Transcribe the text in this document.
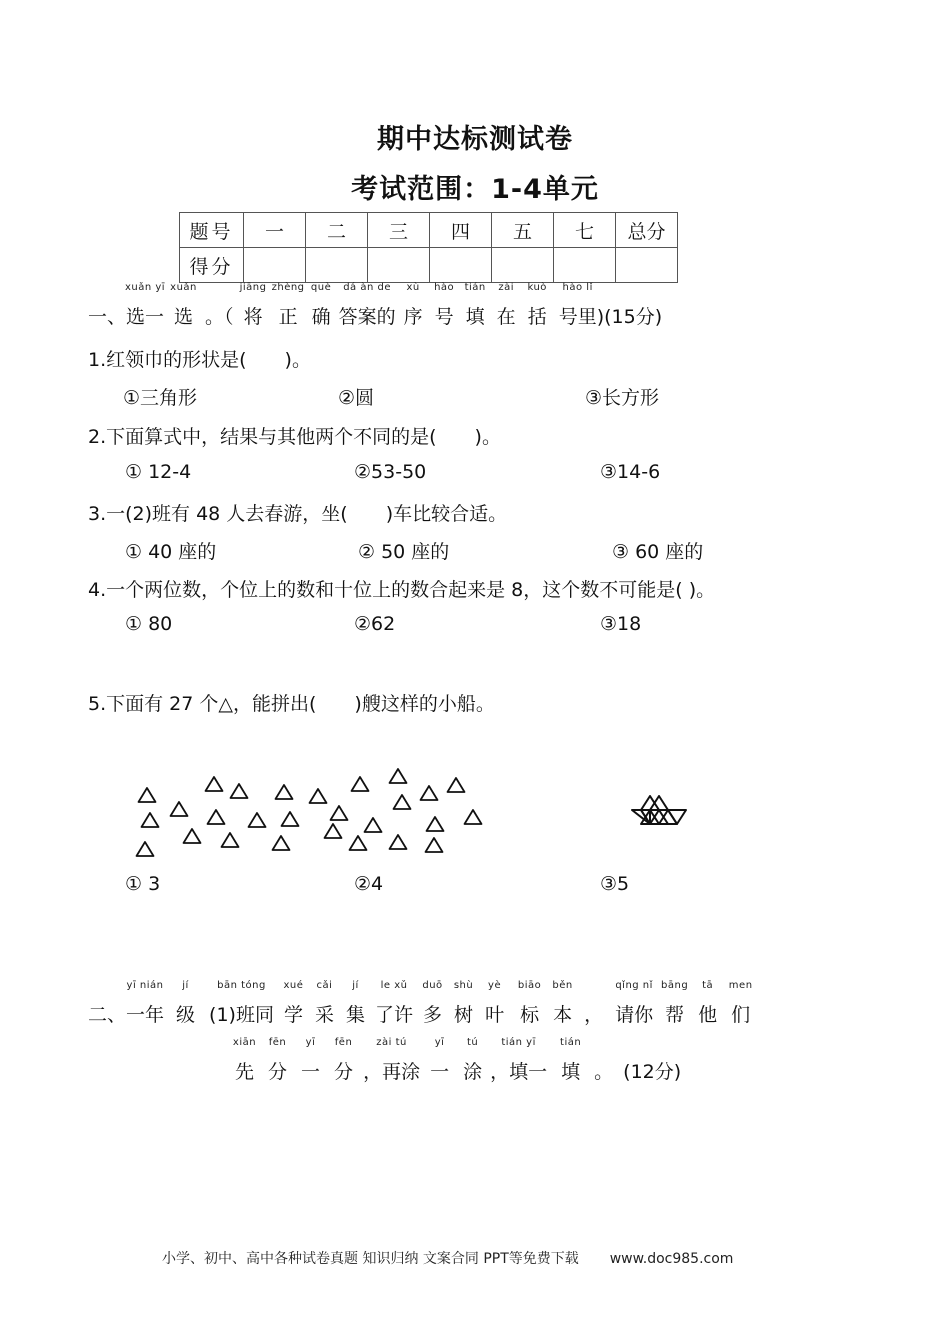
期中达标测试卷
考试范围：1-4单元
题号	一	二	三	四	五	七	总分
得分							
一、选一
xuǎn yī
选
xuǎn
。（ 将
jiāng
正
zhèng
确
què
答案的
dá àn de
序
xù
号
hào
填
tián
在
zài
括
kuò
号里
hào lǐ
)(15分)
1.红领巾的形状是(　　)。
①三角形	②圆	③长方形
2.下面算式中，结果与其他两个不同的是(　　)。
① 12-4	②53-50	③14-6
3.一(2)班有 48 人去春游，坐(　　)车比较合适。
① 40 座的	② 50 座的	③ 60 座的
4.一个两位数，个位上的数和十位上的数合起来是 8，这个数不可能是( )。
① 80	②62	③18
5.下面有 27 个△，能拼出(　　)艘这样的小船。
① 3	②4	③5
二、一年
yī nián
级
jí
(1)班同
bān tóng
学
xué
采
cǎi
集
jí
了许
le xǔ
多
duō
树
shù
叶
yè
标
biāo
本
běn
， 请你
qǐng nǐ
帮
bāng
他
tā
们
men
先
xiān
分
fēn
一
yī
分
fēn
，再涂
zài tú
一
yī
涂
tú
，填一
tián yī
填
tián
。 (12分)
小学、初中、高中各种试卷真题 知识归纳 文案合同 PPT等免费下载 www.doc985.com
